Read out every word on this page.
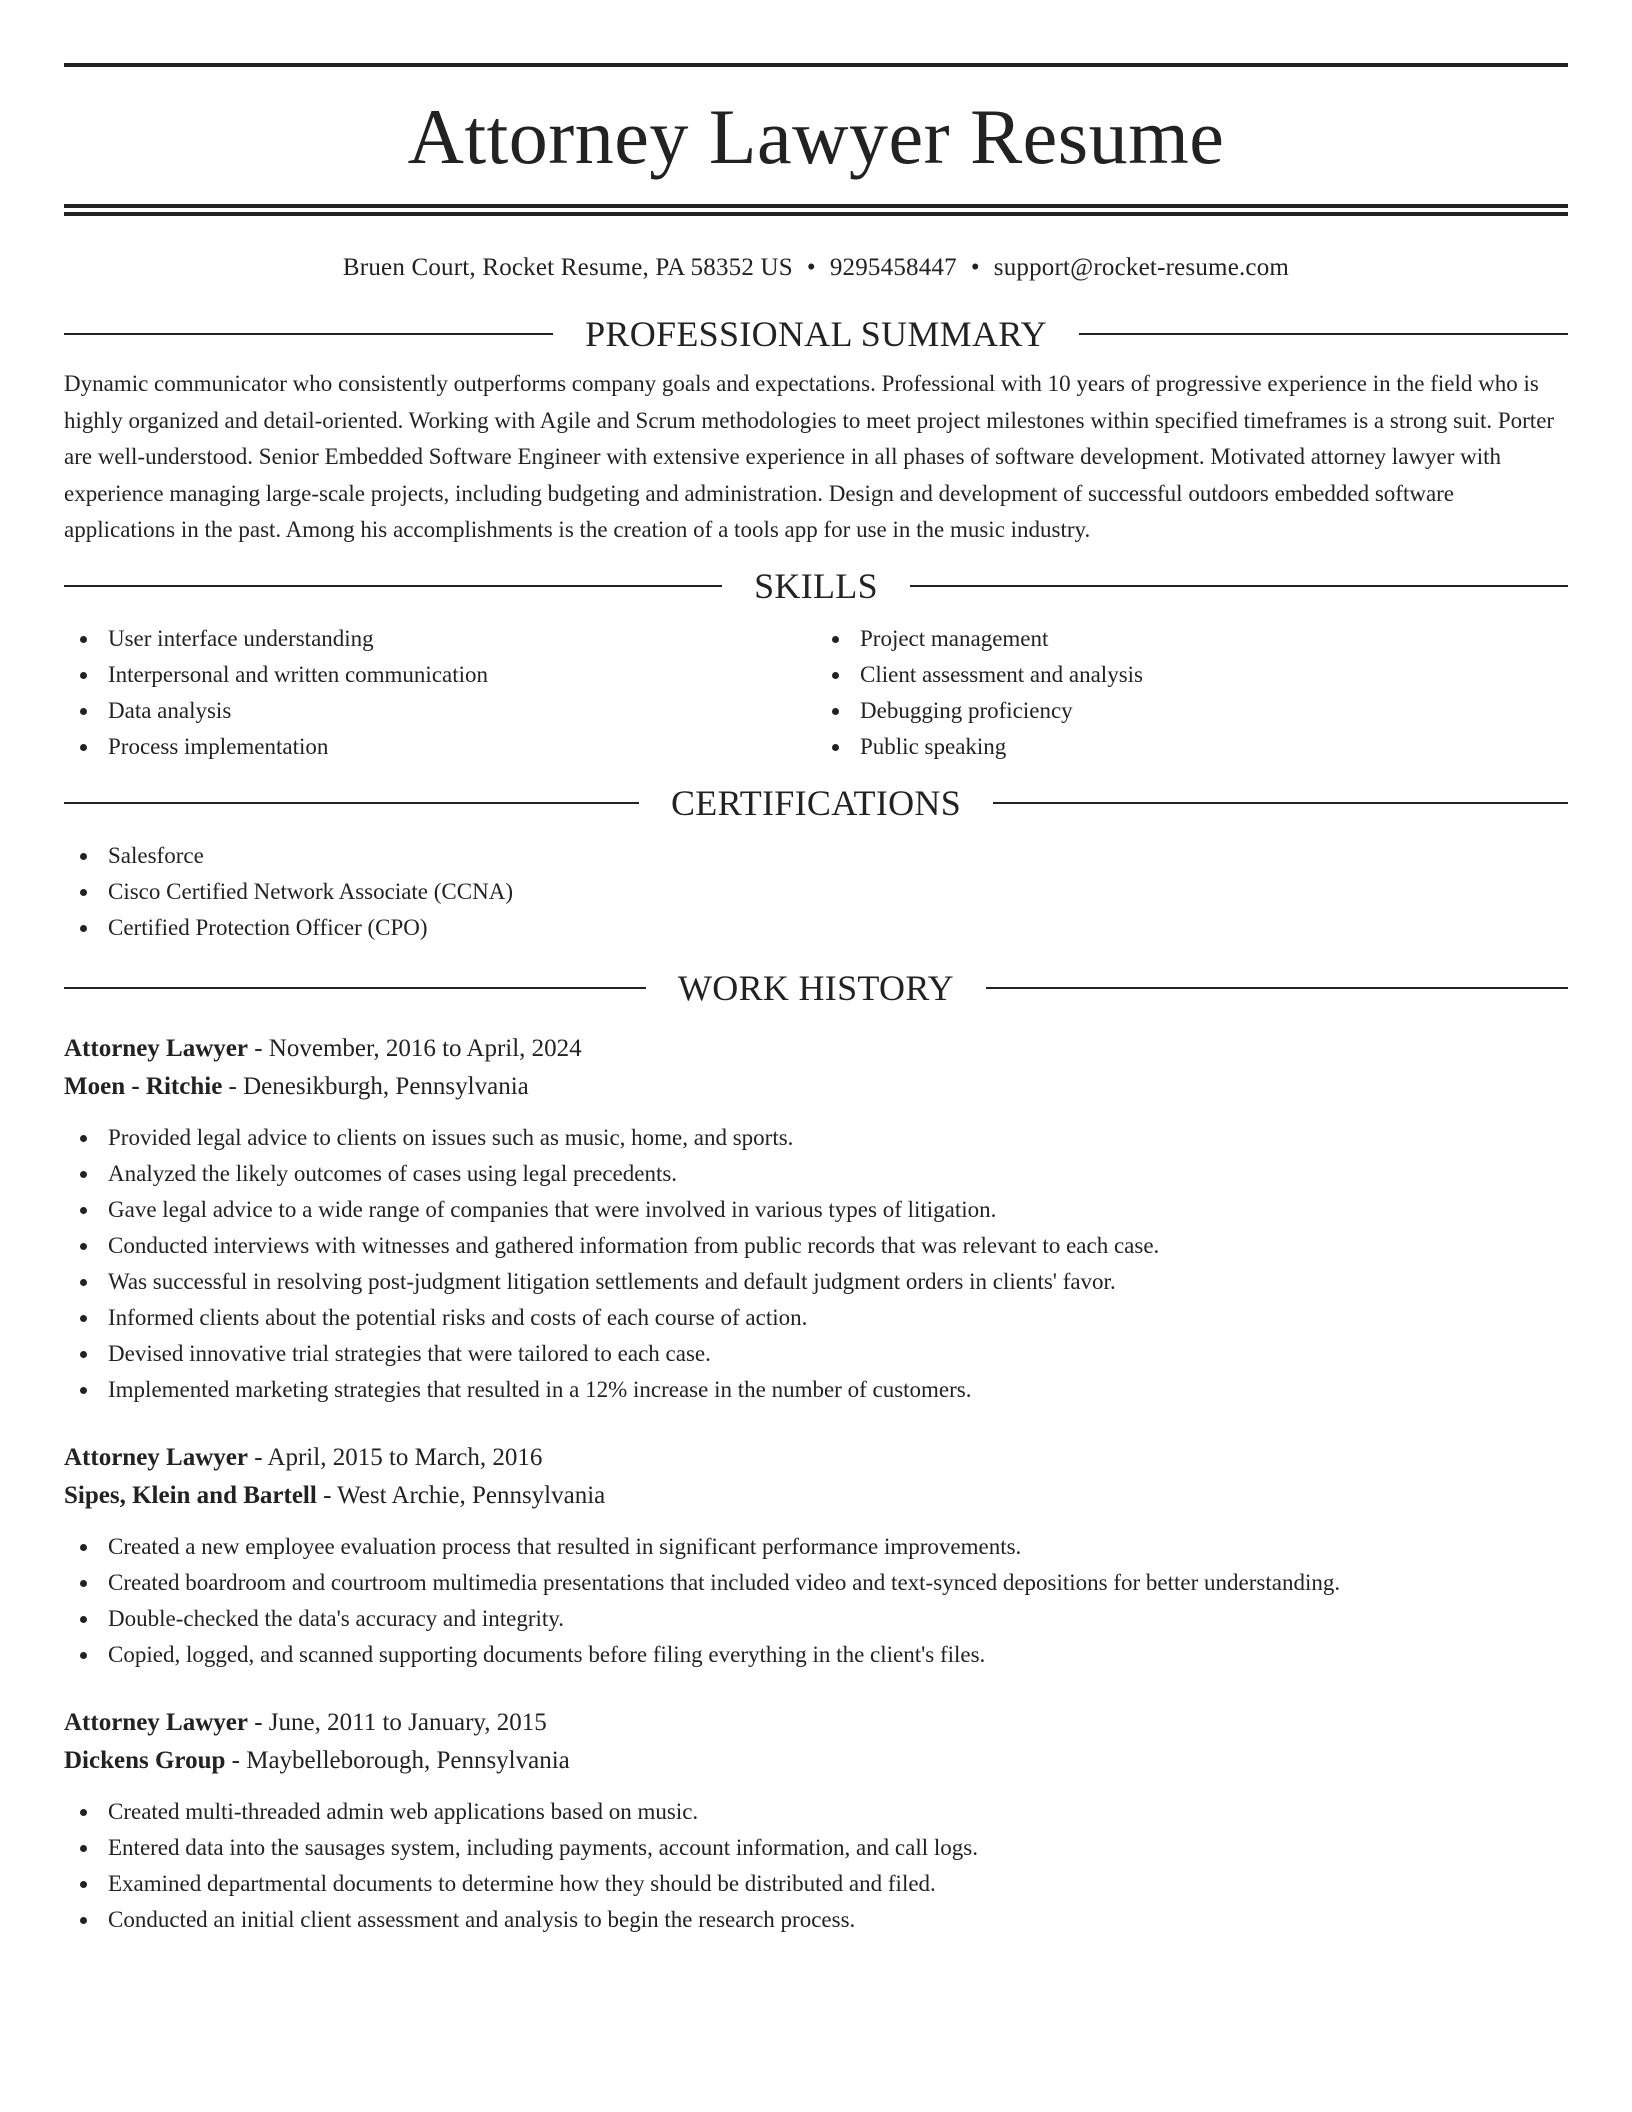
Attorney Lawyer Resume
Bruen Court, Rocket Resume, PA 58352 US • 9295458447 • support@rocket-resume.com
PROFESSIONAL SUMMARY

Dynamic communicator who consistently outperforms company goals and expectations. Professional with 10 years of progressive experience in the field who is highly organized and detail-oriented. Working with Agile and Scrum methodologies to meet project milestones within specified timeframes is a strong suit. Porter are well-understood. Senior Embedded Software Engineer with extensive experience in all phases of software development. Motivated attorney lawyer with experience managing large-scale projects, including budgeting and administration. Design and development of successful outdoors embedded software applications in the past. Among his accomplishments is the creation of a tools app for use in the music industry.

SKILLS
User interface understanding
Interpersonal and written communication
Data analysis
Process implementation
Project management
Client assessment and analysis
Debugging proficiency
Public speaking
CERTIFICATIONS
Salesforce
Cisco Certified Network Associate (CCNA)
Certified Protection Officer (CPO)
WORK HISTORY
Attorney Lawyer - November, 2016 to April, 2024
Moen - Ritchie - Denesikburgh, Pennsylvania
Provided legal advice to clients on issues such as music, home, and sports.
Analyzed the likely outcomes of cases using legal precedents.
Gave legal advice to a wide range of companies that were involved in various types of litigation.
Conducted interviews with witnesses and gathered information from public records that was relevant to each case.
Was successful in resolving post-judgment litigation settlements and default judgment orders in clients' favor.
Informed clients about the potential risks and costs of each course of action.
Devised innovative trial strategies that were tailored to each case.
Implemented marketing strategies that resulted in a 12% increase in the number of customers.
Attorney Lawyer - April, 2015 to March, 2016
Sipes, Klein and Bartell - West Archie, Pennsylvania
Created a new employee evaluation process that resulted in significant performance improvements.
Created boardroom and courtroom multimedia presentations that included video and text-synced depositions for better understanding.
Double-checked the data's accuracy and integrity.
Copied, logged, and scanned supporting documents before filing everything in the client's files.
Attorney Lawyer - June, 2011 to January, 2015
Dickens Group - Maybelleborough, Pennsylvania
Created multi-threaded admin web applications based on music.
Entered data into the sausages system, including payments, account information, and call logs.
Examined departmental documents to determine how they should be distributed and filed.
Conducted an initial client assessment and analysis to begin the research process.
